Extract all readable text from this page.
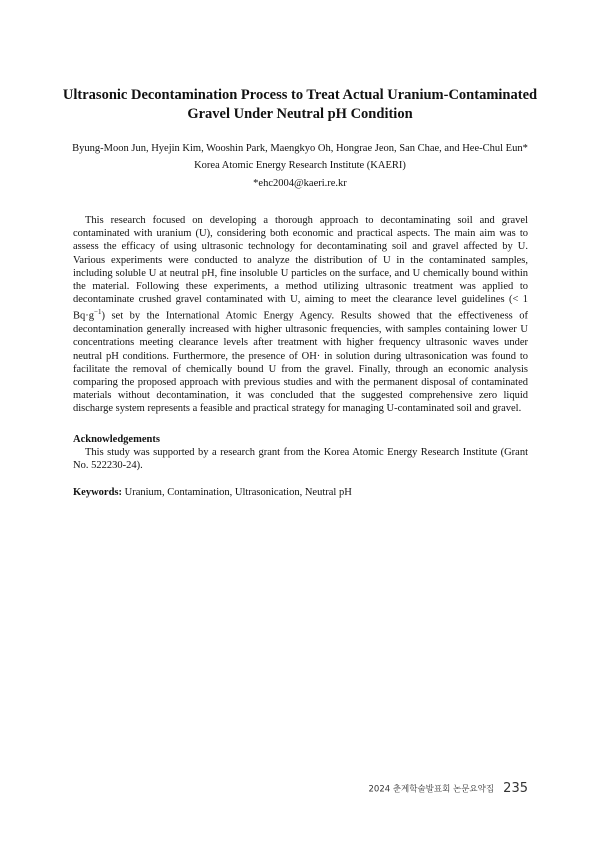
Ultrasonic Decontamination Process to Treat Actual Uranium-Contaminated
Gravel Under Neutral pH Condition
Byung-Moon Jun, Hyejin Kim, Wooshin Park, Maengkyo Oh, Hongrae Jeon, San Chae, and Hee-Chul Eun*
Korea Atomic Energy Research Institute (KAERI)
*ehc2004@kaeri.re.kr

This research focused on developing a thorough approach to decontaminating soil and gravel contaminated with uranium (U), considering both economic and practical aspects. The main aim was to assess the efficacy of using ultrasonic technology for decontaminating soil and gravel affected by U. Various experiments were conducted to analyze the distribution of U in the contaminated samples, including soluble U at neutral pH, fine insoluble U particles on the surface, and U chemically bound within the material. Following these experiments, a method utilizing ultrasonic treatment was applied to decontaminate crushed gravel contaminated with U, aiming to meet the clearance level guidelines (< 1 $Bq\cdot g^{-1}$) set by the International Atomic Energy Agency. Results showed that the effectiveness of decontamination generally increased with higher ultrasonic frequencies, with samples containing lower U concentrations meeting clearance levels after treatment with higher frequency ultrasonic waves under neutral pH conditions. Furthermore, the presence of OH· in solution during ultrasonication was found to facilitate the removal of chemically bound U from the gravel. Finally, through an economic analysis comparing the proposed approach with previous studies and with the permanent disposal of contaminated materials without decontamination, it was concluded that the suggested comprehensive zero liquid discharge system represents a feasible and practical strategy for managing U-contaminated soil and gravel.

Acknowledgements

This study was supported by a research grant from the Korea Atomic Energy Research Institute (Grant No. 522230-24).

Keywords: Uranium, Contamination, Ultrasonication, Neutral pH
2024 춘계학술발표회 논문요약집 235
